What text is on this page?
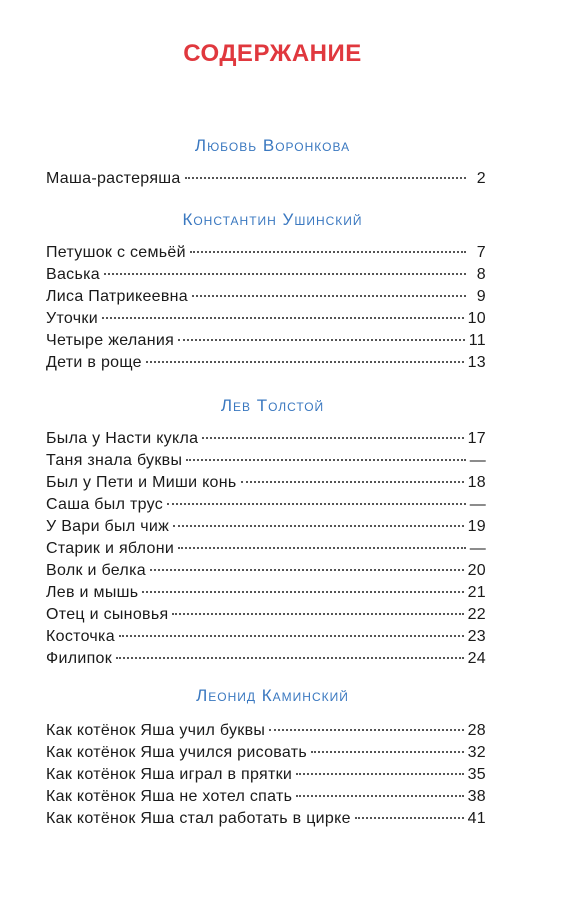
СОДЕРЖАНИЕ
Любовь Воронкова
Маша-растеряша	2
Константин Ушинский
Петушок с семьёй	7
Васька	8
Лиса Патрикеевна	9
Уточки	10
Четыре желания	11
Дети в роще	13
Лев Толстой
Была у Насти кукла	17
Таня знала буквы	—
Был у Пети и Миши конь	18
Саша был трус	—
У Вари был чиж	19
Старик и яблони	—
Волк и белка	20
Лев и мышь	21
Отец и сыновья	22
Косточка	23
Филипок	24
Леонид Каминский
Как котёнок Яша учил буквы	28
Как котёнок Яша учился рисовать	32
Как котёнок Яша играл в прятки	35
Как котёнок Яша не хотел спать	38
Как котёнок Яша стал работать в цирке	41
